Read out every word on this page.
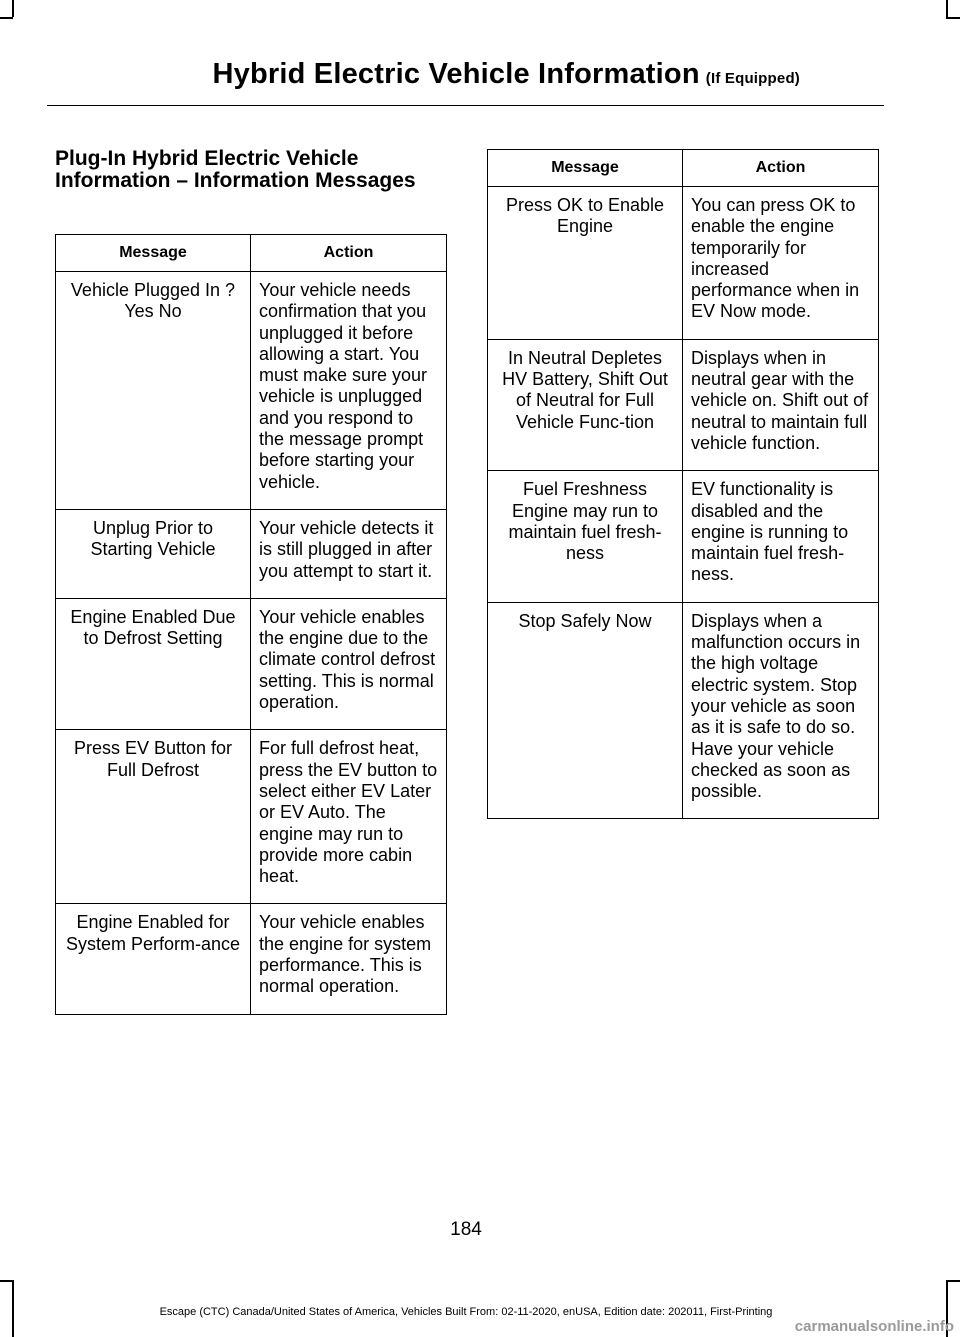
Hybrid Electric Vehicle Information (If Equipped)
Plug-In Hybrid Electric Vehicle Information – Information Messages
Message	Action
Vehicle Plugged In ? Yes No	Your vehicle needs confirmation that you unplugged it before allowing a start. You must make sure your vehicle is unplugged and you respond to the message prompt before starting your vehicle.
Unplug Prior to Starting Vehicle	Your vehicle detects it is still plugged in after you attempt to start it.
Engine Enabled Due to Defrost Setting	Your vehicle enables the engine due to the climate control defrost setting. This is normal operation.
Press EV Button for Full Defrost	For full defrost heat, press the EV button to select either EV Later or EV Auto. The engine may run to provide more cabin heat.
Engine Enabled for System Perform-ance	Your vehicle enables the engine for system performance. This is normal operation.
Message	Action
Press OK to Enable Engine	You can press OK to enable the engine temporarily for increased performance when in EV Now mode.
In Neutral Depletes HV Battery, Shift Out of Neutral for Full Vehicle Func-tion	Displays when in neutral gear with the vehicle on. Shift out of neutral to maintain full vehicle function.
Fuel Freshness Engine may run to maintain fuel fresh-ness	EV functionality is disabled and the engine is running to maintain fuel fresh-ness.
Stop Safely Now	Displays when a malfunction occurs in the high voltage electric system. Stop your vehicle as soon as it is safe to do so. Have your vehicle checked as soon as possible.
184
Escape (CTC) Canada/United States of America, Vehicles Built From: 02-11-2020, enUSA, Edition date: 202011, First-Printing
carmanualsonline.info
